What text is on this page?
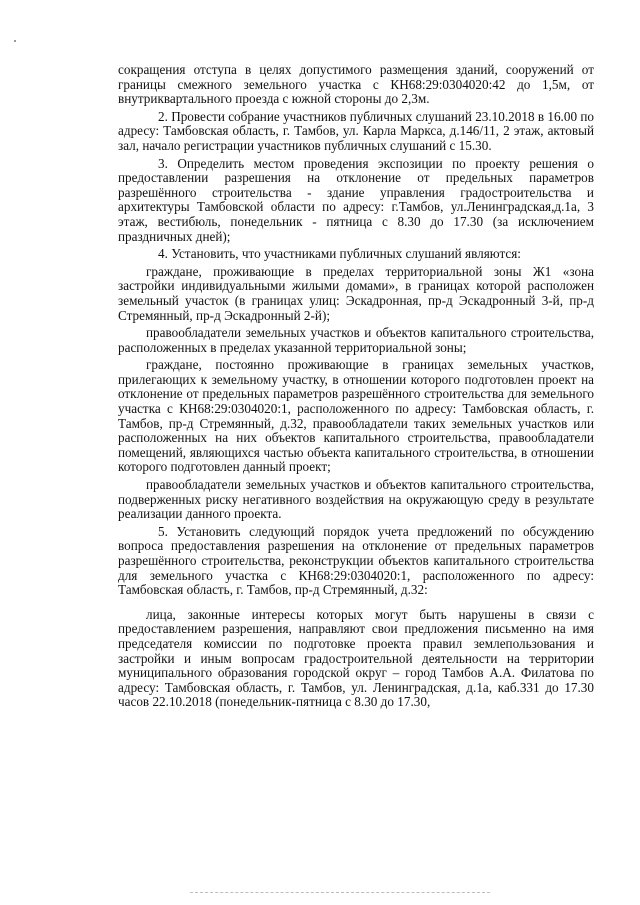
сокращения отступа в целях допустимого размещения зданий, сооружений от границы смежного земельного участка с КН68:29:0304020:42 до 1,5м, от внутриквартального проезда с южной стороны до 2,3м.

2. Провести собрание участников публичных слушаний 23.10.2018 в 16.00 по адресу: Тамбовская область, г. Тамбов, ул. Карла Маркса, д.146/11, 2 этаж, актовый зал, начало регистрации участников публичных слушаний с 15.30.

3. Определить местом проведения экспозиции по проекту решения о предоставлении разрешения на отклонение от предельных параметров разрешённого строительства - здание управления градостроительства и архитектуры Тамбовской области по адресу: г.Тамбов, ул.Ленинградская,д.1а, 3 этаж, вестибюль, понедельник - пятница с 8.30 до 17.30 (за исключением праздничных дней);

4. Установить, что участниками публичных слушаний являются:

граждане, проживающие в пределах территориальной зоны Ж1 «зона застройки индивидуальными жилыми домами», в границах которой расположен земельный участок (в границах улиц: Эскадронная, пр-д Эскадронный 3-й, пр-д Стремянный, пр-д Эскадронный 2-й);

правообладатели земельных участков и объектов капитального строительства, расположенных в пределах указанной территориальной зоны;

граждане, постоянно проживающие в границах земельных участков, прилегающих к земельному участку, в отношении которого подготовлен проект на отклонение от предельных параметров разрешённого строительства для земельного участка с КН68:29:0304020:1, расположенного по адресу: Тамбовская область, г. Тамбов, пр-д Стремянный, д.32, правообладатели таких земельных участков или расположенных на них объектов капитального строительства, правообладатели помещений, являющихся частью объекта капитального строительства, в отношении которого подготовлен данный проект;

правообладатели земельных участков и объектов капитального строительства, подверженных риску негативного воздействия на окружающую среду в результате реализации данного проекта.

5. Установить следующий порядок учета предложений по обсуждению вопроса предоставления разрешения на отклонение от предельных параметров разрешённого строительства, реконструкции объектов капитального строительства для земельного участка с КН68:29:0304020:1, расположенного по адресу: Тамбовская область, г. Тамбов, пр-д Стремянный, д.32:

лица, законные интересы которых могут быть нарушены в связи с предоставлением разрешения, направляют свои предложения письменно на имя председателя комиссии по подготовке проекта правил землепользования и застройки и иным вопросам градостроительной деятельности на территории муниципального образования городской округ – город Тамбов А.А. Филатова по адресу: Тамбовская область, г. Тамбов, ул. Ленинградская, д.1а, каб.331 до 17.30 часов 22.10.2018 (понедельник-пятница с 8.30 до 17.30,
